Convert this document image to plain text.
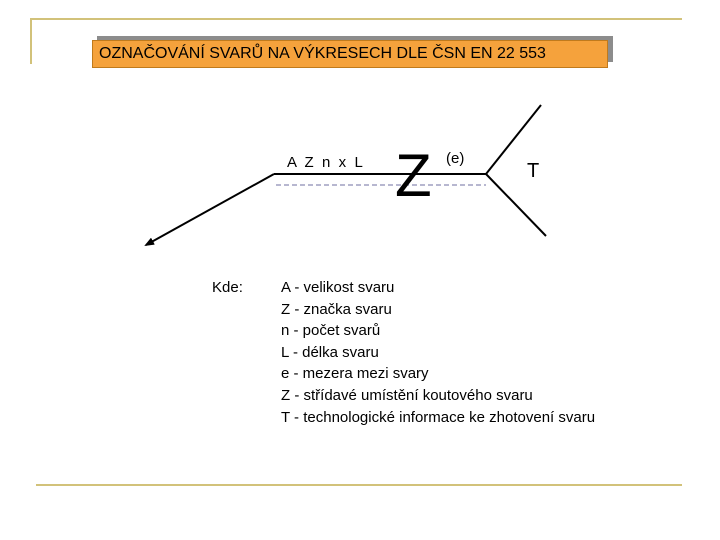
OZNAČOVÁNÍ SVARŮ NA VÝKRESECH DLE ČSN EN 22 553
A  Z  n  x  L Z (e)
T
Kde:	A - velikost svaru
Z - značka svaru
n - počet svarů
L - délka svaru
e - mezera mezi svary
Z - střídavé umístění koutového svaru
T - technologické informace ke zhotovení svaru
